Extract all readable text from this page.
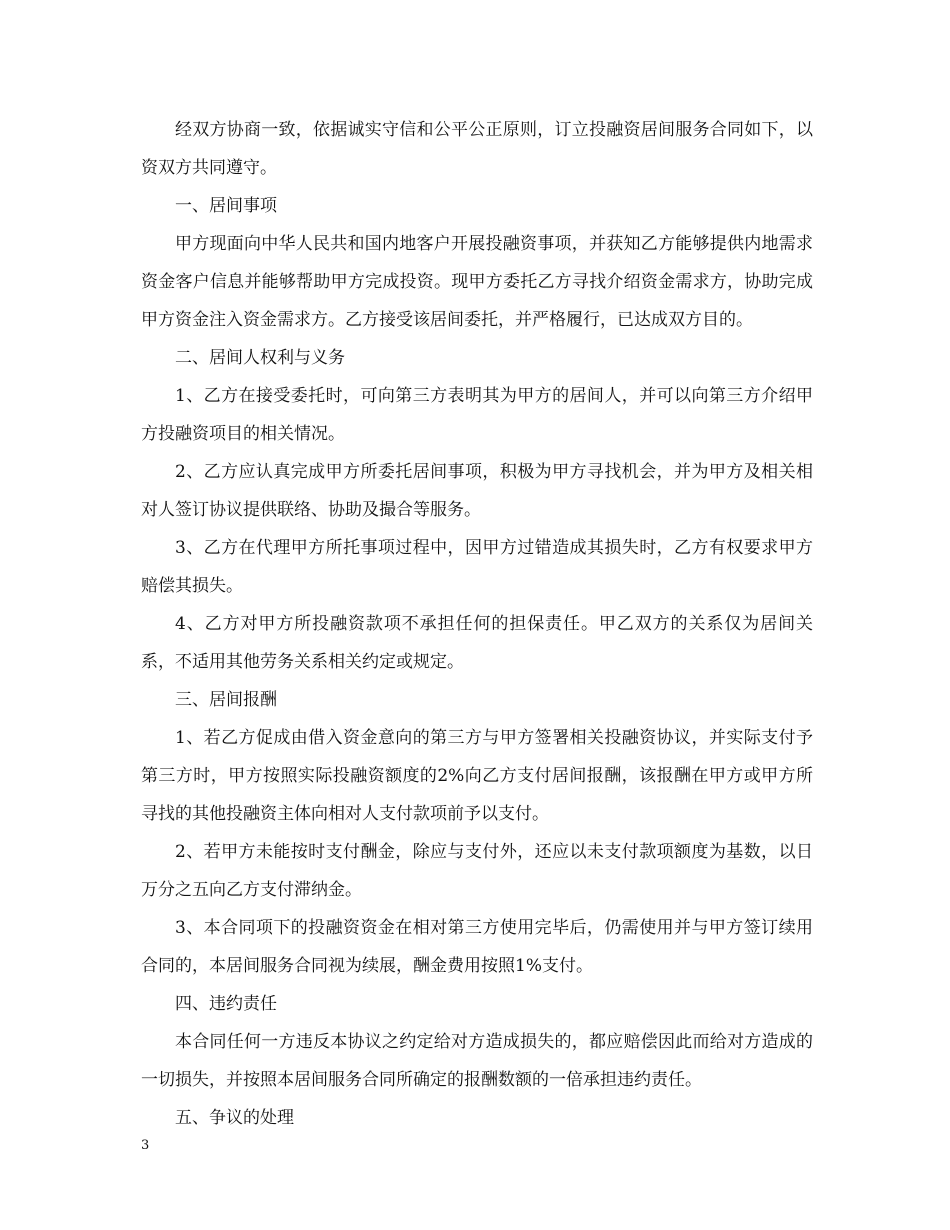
经双方协商一致，依据诚实守信和公平公正原则，订立投融资居间服务合同如下，以资双方共同遵守。

一、居间事项

甲方现面向中华人民共和国内地客户开展投融资事项，并获知乙方能够提供内地需求资金客户信息并能够帮助甲方完成投资。现甲方委托乙方寻找介绍资金需求方，协助完成甲方资金注入资金需求方。乙方接受该居间委托，并严格履行，已达成双方目的。

二、居间人权利与义务

1、乙方在接受委托时，可向第三方表明其为甲方的居间人，并可以向第三方介绍甲方投融资项目的相关情况。

2、乙方应认真完成甲方所委托居间事项，积极为甲方寻找机会，并为甲方及相关相对人签订协议提供联络、协助及撮合等服务。

3、乙方在代理甲方所托事项过程中，因甲方过错造成其损失时，乙方有权要求甲方赔偿其损失。

4、乙方对甲方所投融资款项不承担任何的担保责任。甲乙双方的关系仅为居间关系，不适用其他劳务关系相关约定或规定。

三、居间报酬

1、若乙方促成由借入资金意向的第三方与甲方签署相关投融资协议，并实际支付予第三方时，甲方按照实际投融资额度的2%向乙方支付居间报酬，该报酬在甲方或甲方所寻找的其他投融资主体向相对人支付款项前予以支付。

2、若甲方未能按时支付酬金，除应与支付外，还应以未支付款项额度为基数，以日万分之五向乙方支付滞纳金。

3、本合同项下的投融资资金在相对第三方使用完毕后，仍需使用并与甲方签订续用合同的，本居间服务合同视为续展，酬金费用按照1%支付。

四、违约责任

本合同任何一方违反本协议之约定给对方造成损失的，都应赔偿因此而给对方造成的一切损失，并按照本居间服务合同所确定的报酬数额的一倍承担违约责任。

五、争议的处理

3
